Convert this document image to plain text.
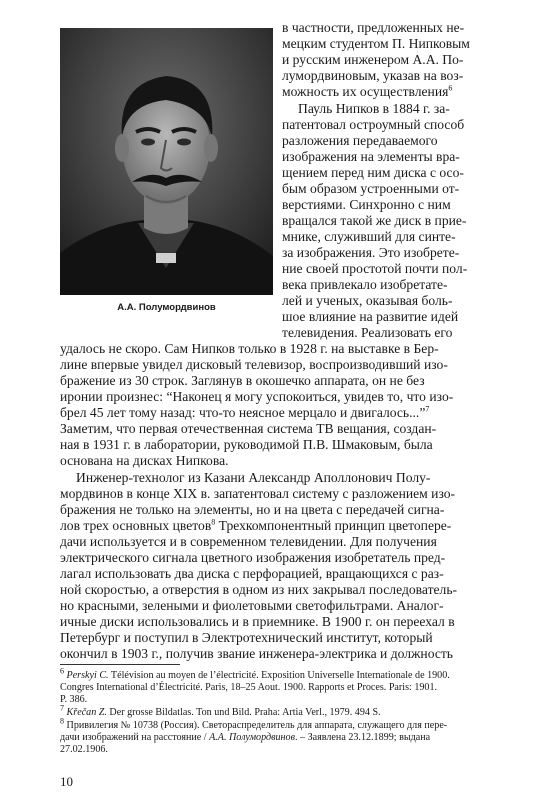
А.А. Полумордвинов
в частности, предложенных не-
мецким студентом П. Нипковым
и русским инженером А.А. По-
лумордвиновым, указав на воз-
можность их осуществления$^6$
Пауль Нипков в 1884 г. за-
патентовал остроумный способ
разложения передаваемого
изображения на элементы вра-
щением перед ним диска с осо-
бым образом устроенными от-
верстиями. Синхронно с ним
вращался такой же диск в прие-
мнике, служивший для синте-
за изображения. Это изобрете-
ние своей простотой почти пол-
века привлекало изобретате-
лей и ученых, оказывая боль-
шое влияние на развитие идей
телевидения. Реализовать его
удалось не скоро. Сам Нипков только в 1928 г. на выставке в Бер-
лине впервые увидел дисковый телевизор, воспроизводивший изо-
бражение из 30 строк. Заглянув в окошечко аппарата, он не без
иронии произнес: “Наконец я могу успокоиться, увидев то, что изо-
брел 45 лет тому назад: что-то неясное мерцало и двигалось...”$^7$
Заметим, что первая отечественная система ТВ вещания, создан-
ная в 1931 г. в лаборатории, руководимой П.В. Шмаковым, была
основана на дисках Нипкова.
Инженер-технолог из Казани Александр Аполлонович Полу-
мордвинов в конце XIX в. запатентовал систему с разложением изо-
бражения не только на элементы, но и на цвета с передачей сигна-
лов трех основных цветов$^8$ Трехкомпонентный принцип цветопере-
дачи используется и в современном телевидении. Для получения
электрического сигнала цветного изображения изобретатель пред-
лагал использовать два диска с перфорацией, вращающихся с раз-
ной скоростью, а отверстия в одном из них закрывал последователь-
но красными, зелеными и фиолетовыми светофильтрами. Аналог-
ичные диски использовались и в приемнике. В 1900 г. он переехал в
Петербург и поступил в Электротехнический институт, который
окончил в 1903 г., получив звание инженера-электрика и должность
$^6$ Perskyi C. Télévision au moyen de l’électricité. Exposition Universelle Internationale de 1900.
Congres International d’Électricité. Paris, 18–25 Aout. 1900. Rapports et Proces. Paris: 1901.
P. 386.
$^7$ Křečan Z. Der grosse Bildatlas. Ton und Bild. Praha: Artia Verl., 1979. 494 S.
$^8$ Привилегия № 10738 (Россия). Светораспределитель для аппарата, служащего для пере-
дачи изображений на расстояние / А.А. Полумордвинов. – Заявлена 23.12.1899; выдана
27.02.1906.
10
